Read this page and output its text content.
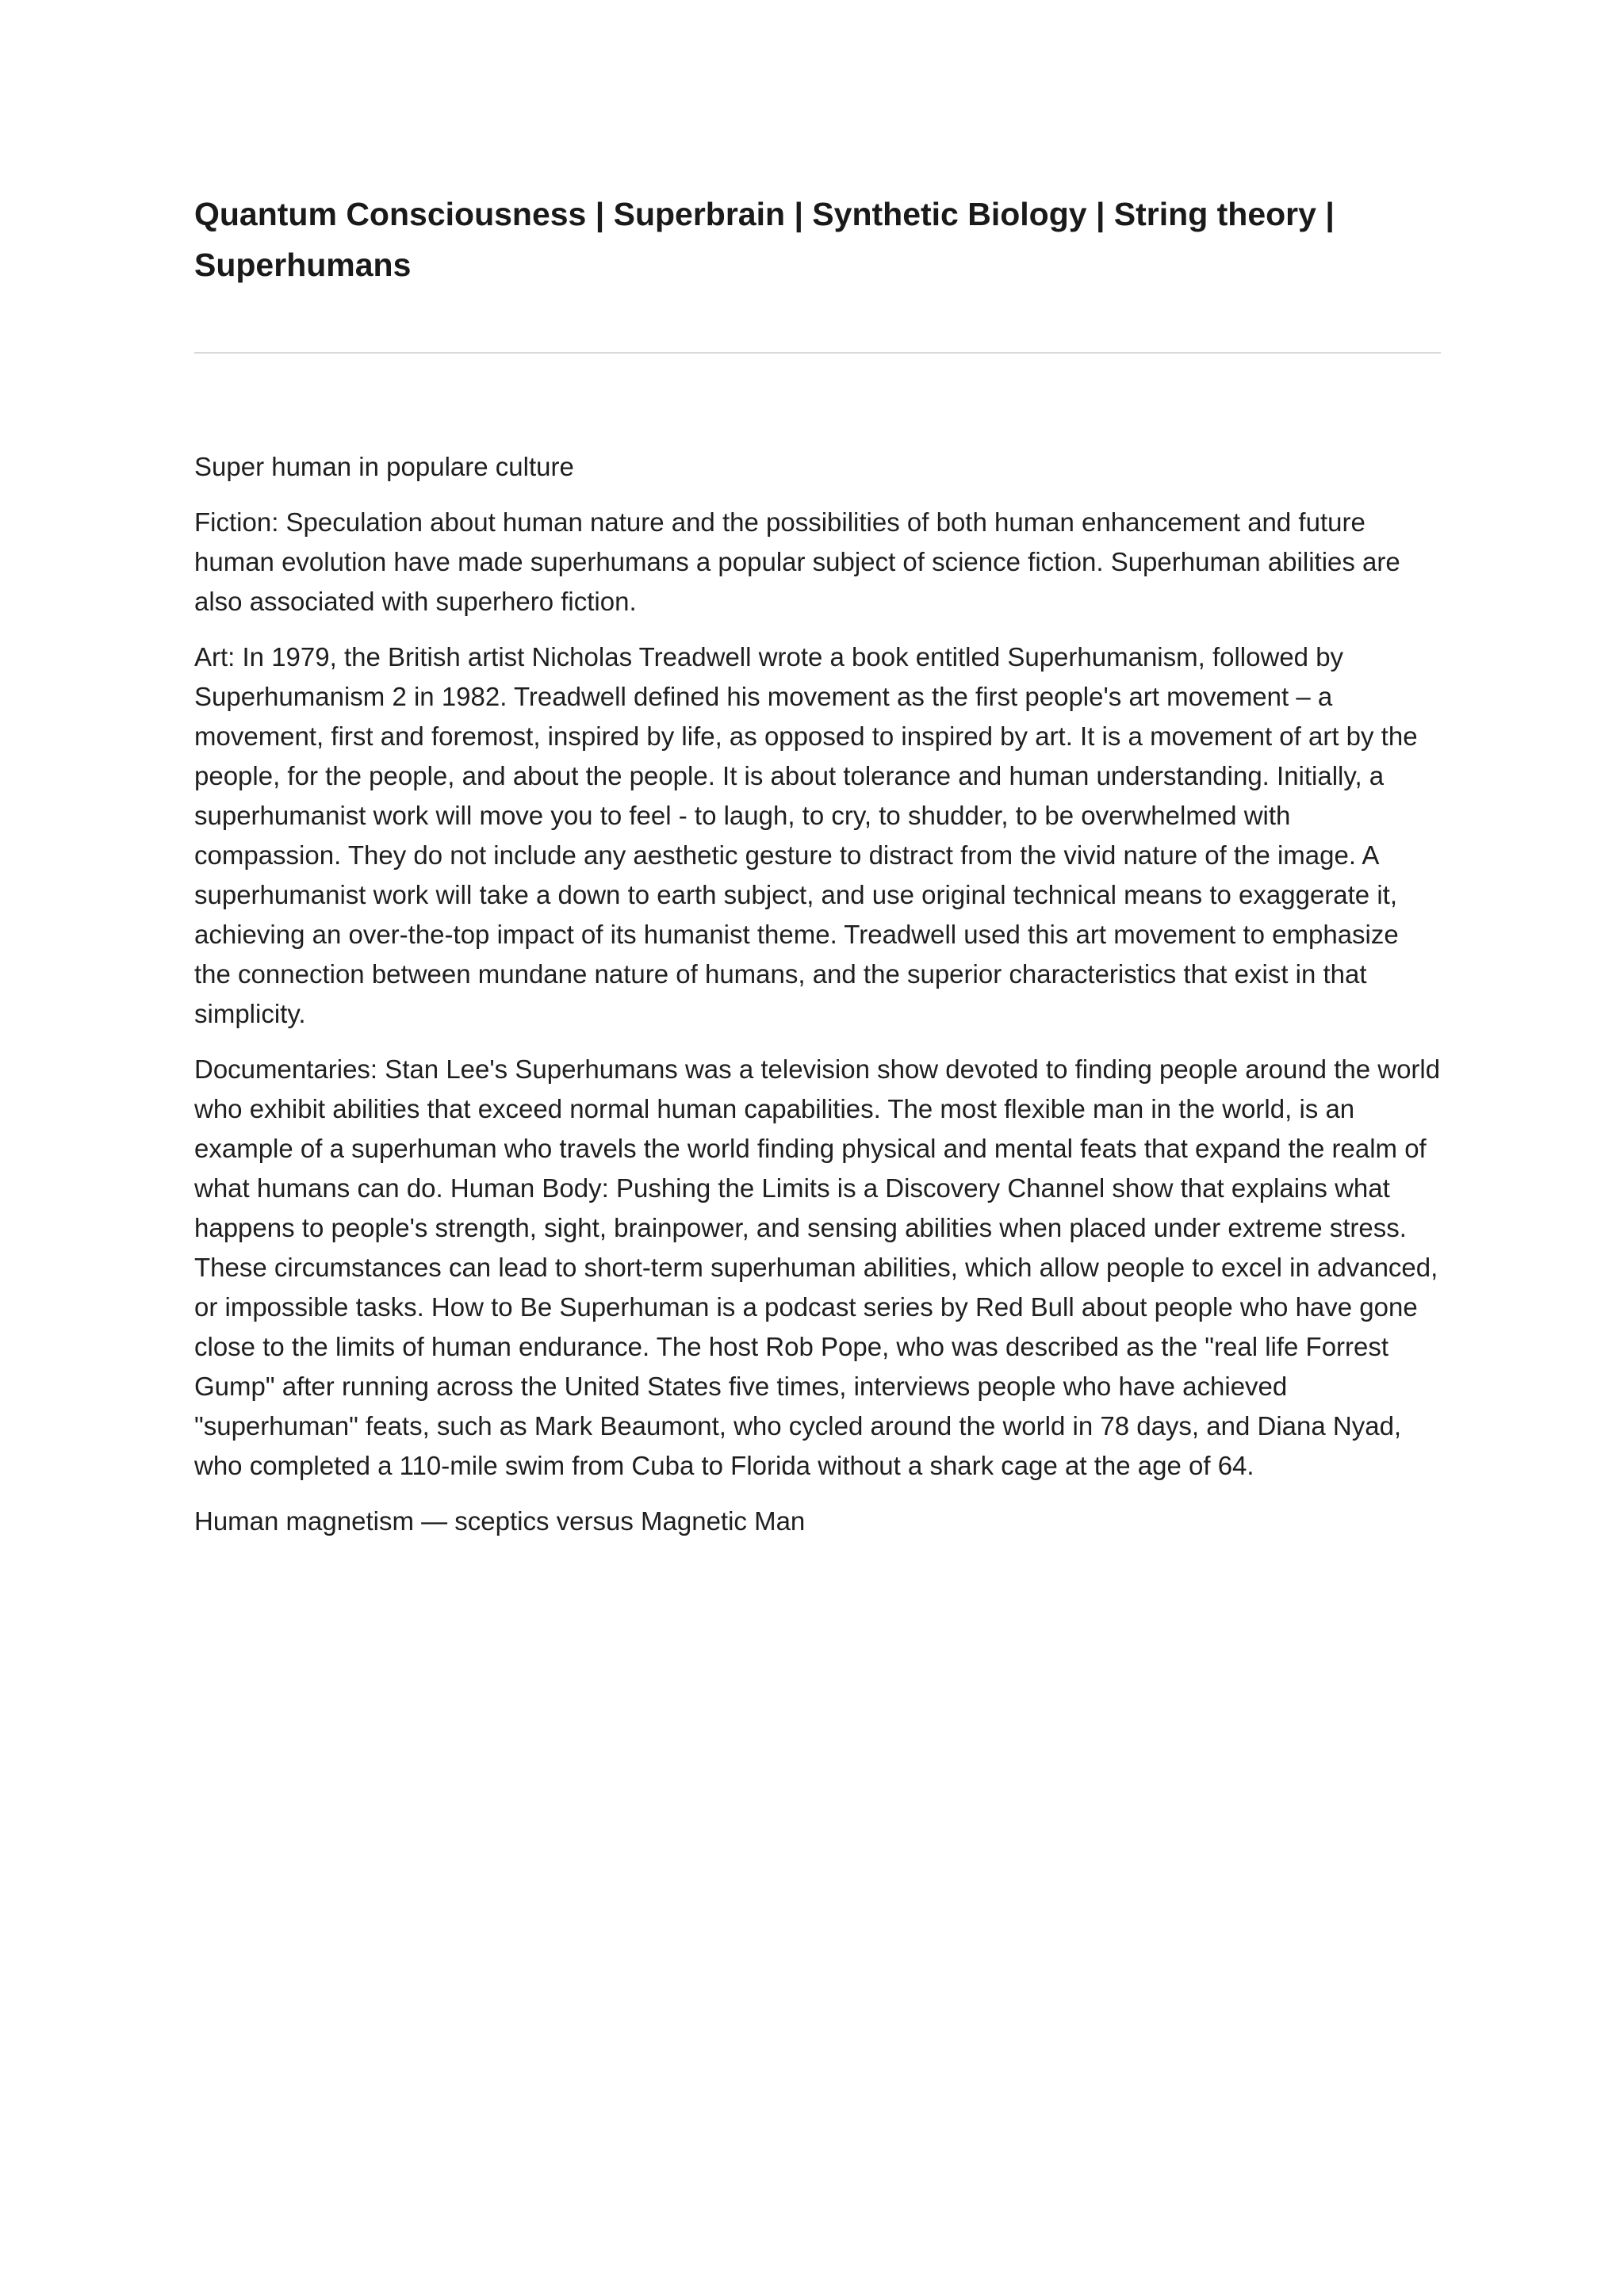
Quantum Consciousness | Superbrain | Synthetic Biology | String theory | Superhumans

Super human in populare culture

Fiction: Speculation about human nature and the possibilities of both human enhancement and future human evolution have made superhumans a popular subject of science fiction. Superhuman abilities are also associated with superhero fiction.

Art: In 1979, the British artist Nicholas Treadwell wrote a book entitled Superhumanism, followed by Superhumanism 2 in 1982. Treadwell defined his movement as the first people's art movement – a movement, first and foremost, inspired by life, as opposed to inspired by art. It is a movement of art by the people, for the people, and about the people. It is about tolerance and human understanding. Initially, a superhumanist work will move you to feel - to laugh, to cry, to shudder, to be overwhelmed with compassion. They do not include any aesthetic gesture to distract from the vivid nature of the image. A superhumanist work will take a down to earth subject, and use original technical means to exaggerate it, achieving an over-the-top impact of its humanist theme. Treadwell used this art movement to emphasize the connection between mundane nature of humans, and the superior characteristics that exist in that simplicity.

Documentaries: Stan Lee's Superhumans was a television show devoted to finding people around the world who exhibit abilities that exceed normal human capabilities. The most flexible man in the world, is an example of a superhuman who travels the world finding physical and mental feats that expand the realm of what humans can do. Human Body: Pushing the Limits is a Discovery Channel show that explains what happens to people's strength, sight, brainpower, and sensing abilities when placed under extreme stress. These circumstances can lead to short-term superhuman abilities, which allow people to excel in advanced, or impossible tasks. How to Be Superhuman is a podcast series by Red Bull about people who have gone close to the limits of human endurance. The host Rob Pope, who was described as the "real life Forrest Gump" after running across the United States five times, interviews people who have achieved "superhuman" feats, such as Mark Beaumont, who cycled around the world in 78 days, and Diana Nyad, who completed a 110-mile swim from Cuba to Florida without a shark cage at the age of 64.

Human magnetism — sceptics versus Magnetic Man
